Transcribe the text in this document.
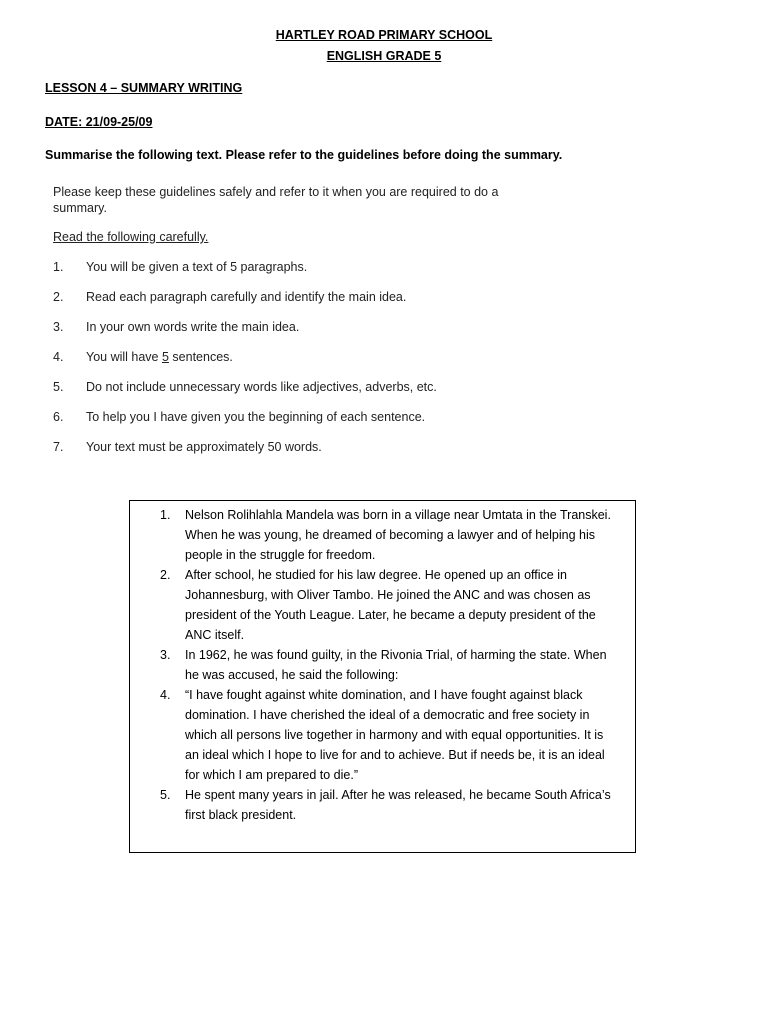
HARTLEY ROAD PRIMARY SCHOOL
ENGLISH GRADE 5
LESSON 4 – SUMMARY WRITING
DATE: 21/09-25/09
Summarise the following text. Please refer to the guidelines before doing the summary.
Please keep these guidelines safely and refer to it when you are required to do a
summary.
Read the following carefully.
1. You will be given a text of 5 paragraphs.
2. Read each paragraph carefully and identify the main idea.
3. In your own words write the main idea.
4. You will have 5 sentences.
5. Do not include unnecessary words like adjectives, adverbs, etc.
6. To help you I have given you the beginning of each sentence.
7. Your text must be approximately 50 words.
1. Nelson Rolihlahla Mandela was born in a village near Umtata in the Transkei.
When he was young, he dreamed of becoming a lawyer and of helping his
people in the struggle for freedom.
2. After school, he studied for his law degree. He opened up an office in
Johannesburg, with Oliver Tambo. He joined the ANC and was chosen as
president of the Youth League. Later, he became a deputy president of the
ANC itself.
3. In 1962, he was found guilty, in the Rivonia Trial, of harming the state. When
he was accused, he said the following:
4. “I have fought against white domination, and I have fought against black
domination. I have cherished the ideal of a democratic and free society in
which all persons live together in harmony and with equal opportunities. It is
an ideal which I hope to live for and to achieve. But if needs be, it is an ideal
for which I am prepared to die.”
5. He spent many years in jail. After he was released, he became South Africa’s
first black president.
